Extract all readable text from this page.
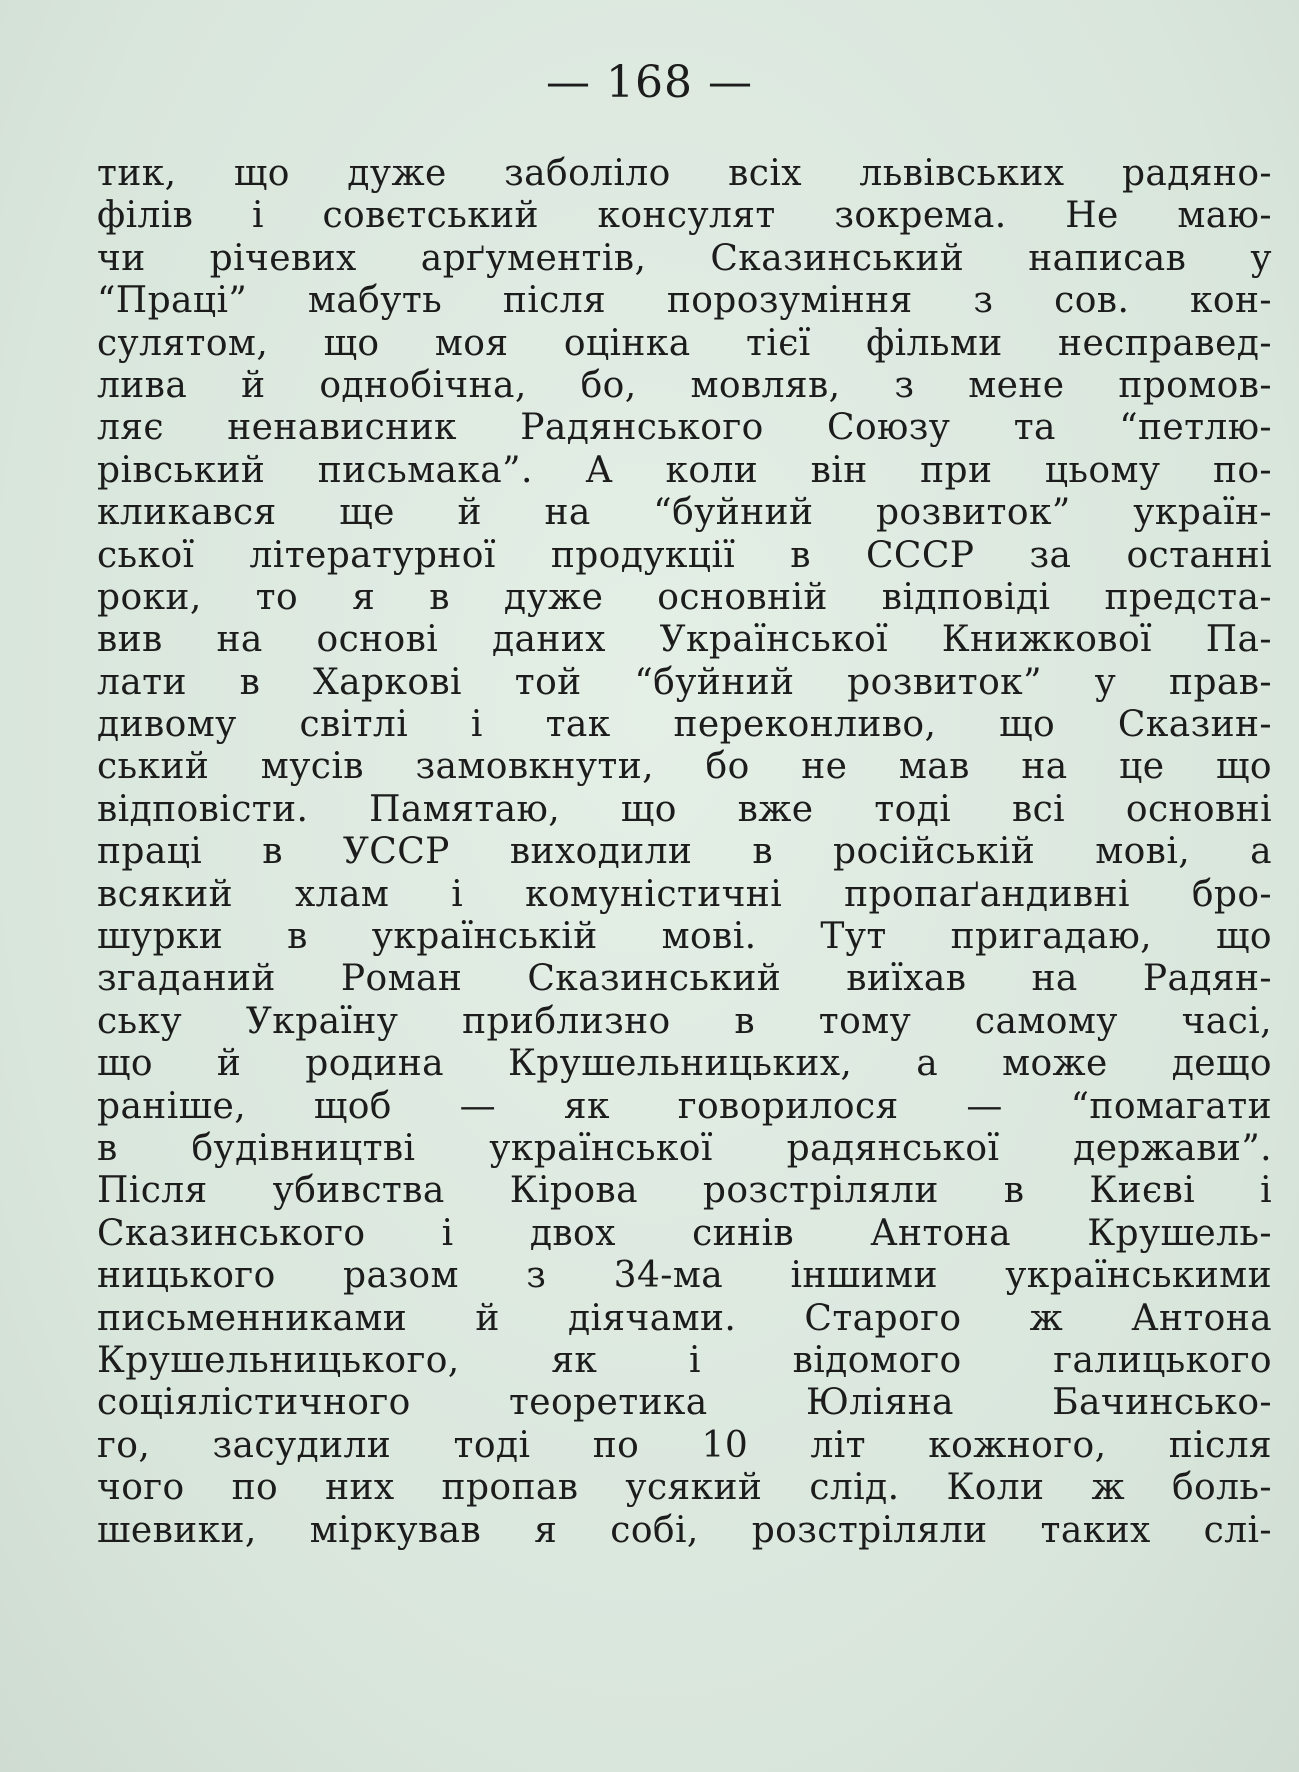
— 168 —
тик, що дуже заболіло всіх львівських радяно-
філів і совєтський консулят зокрема. Не маю-
чи річевих арґументів, Сказинський написав у
“Праці” мабуть після порозуміння з сов. кон-
сулятом, що моя оцінка тієї фільми несправед-
лива й однобічна, бо, мовляв, з мене промов-
ляє ненависник Радянського Союзу та “петлю-
рівський письмака”. А коли він при цьому по-
кликався ще й на “буйний розвиток” україн-
ської літературної продукції в СССР за останні
роки, то я в дуже основній відповіді предста-
вив на основі даних Української Книжкової Па-
лати в Харкові той “буйний розвиток” у прав-
дивому світлі і так переконливо, що Сказин-
ський мусів замовкнути, бо не мав на це що
відповісти. Памятаю, що вже тоді всі основні
праці в УССР виходили в російській мові, а
всякий хлам і комуністичні пропаґандивні бро-
шурки в українській мові. Тут пригадаю, що
згаданий Роман Сказинський виїхав на Радян-
ську Україну приблизно в тому самому часі,
що й родина Крушельницьких, а може дещо
раніше, щоб — як говорилося — “помагати
в будівництві української радянської держави”.
Після убивства Кірова розстріляли в Києві і
Сказинського і двох синів Антона Крушель-
ницького разом з 34-ма іншими українськими
письменниками й діячами. Старого ж Антона
Крушельницького,	як	і	відомого	галицького
соціялістичного	теоретика	Юліяна	Бачинсько-
го, засудили тоді по 10 літ кожного, після
чого по них пропав усякий слід. Коли ж боль-
шевики, міркував я собі, розстріляли таких слі-
